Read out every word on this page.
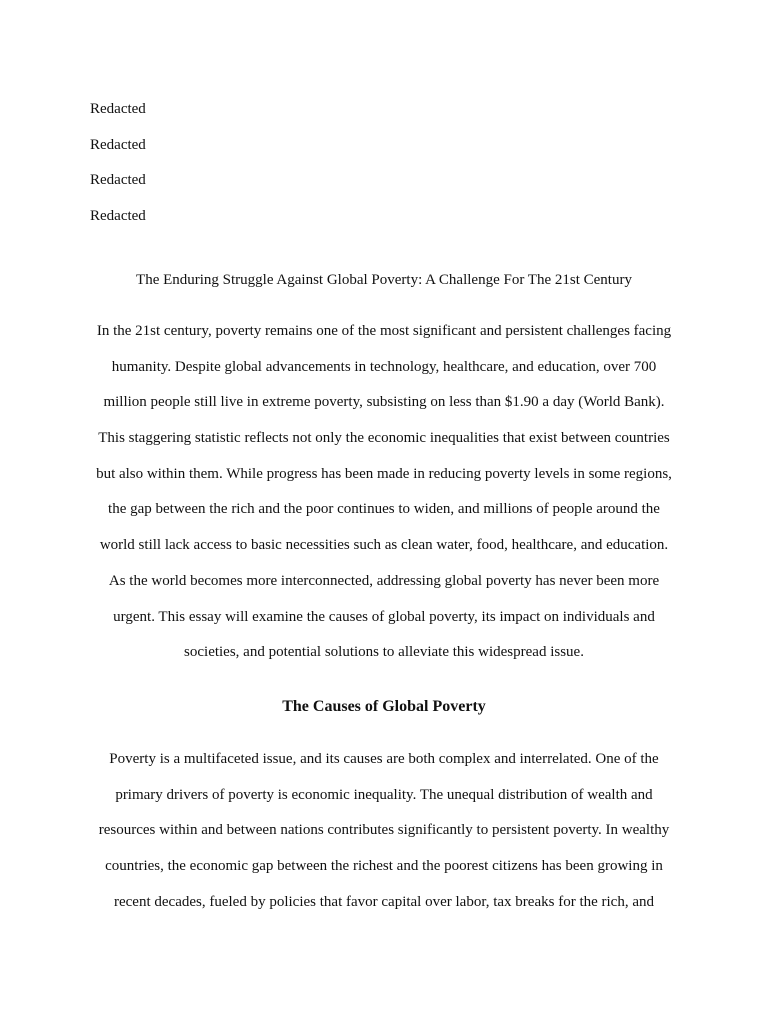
Redacted
Redacted
Redacted
Redacted
The Enduring Struggle Against Global Poverty: A Challenge For The 21st Century
In the 21st century, poverty remains one of the most significant and persistent challenges facing
humanity. Despite global advancements in technology, healthcare, and education, over 700
million people still live in extreme poverty, subsisting on less than $1.90 a day (World Bank).
This staggering statistic reflects not only the economic inequalities that exist between countries
but also within them. While progress has been made in reducing poverty levels in some regions,
the gap between the rich and the poor continues to widen, and millions of people around the
world still lack access to basic necessities such as clean water, food, healthcare, and education.
As the world becomes more interconnected, addressing global poverty has never been more
urgent. This essay will examine the causes of global poverty, its impact on individuals and
societies, and potential solutions to alleviate this widespread issue.
The Causes of Global Poverty
Poverty is a multifaceted issue, and its causes are both complex and interrelated. One of the
primary drivers of poverty is economic inequality. The unequal distribution of wealth and
resources within and between nations contributes significantly to persistent poverty. In wealthy
countries, the economic gap between the richest and the poorest citizens has been growing in
recent decades, fueled by policies that favor capital over labor, tax breaks for the rich, and
